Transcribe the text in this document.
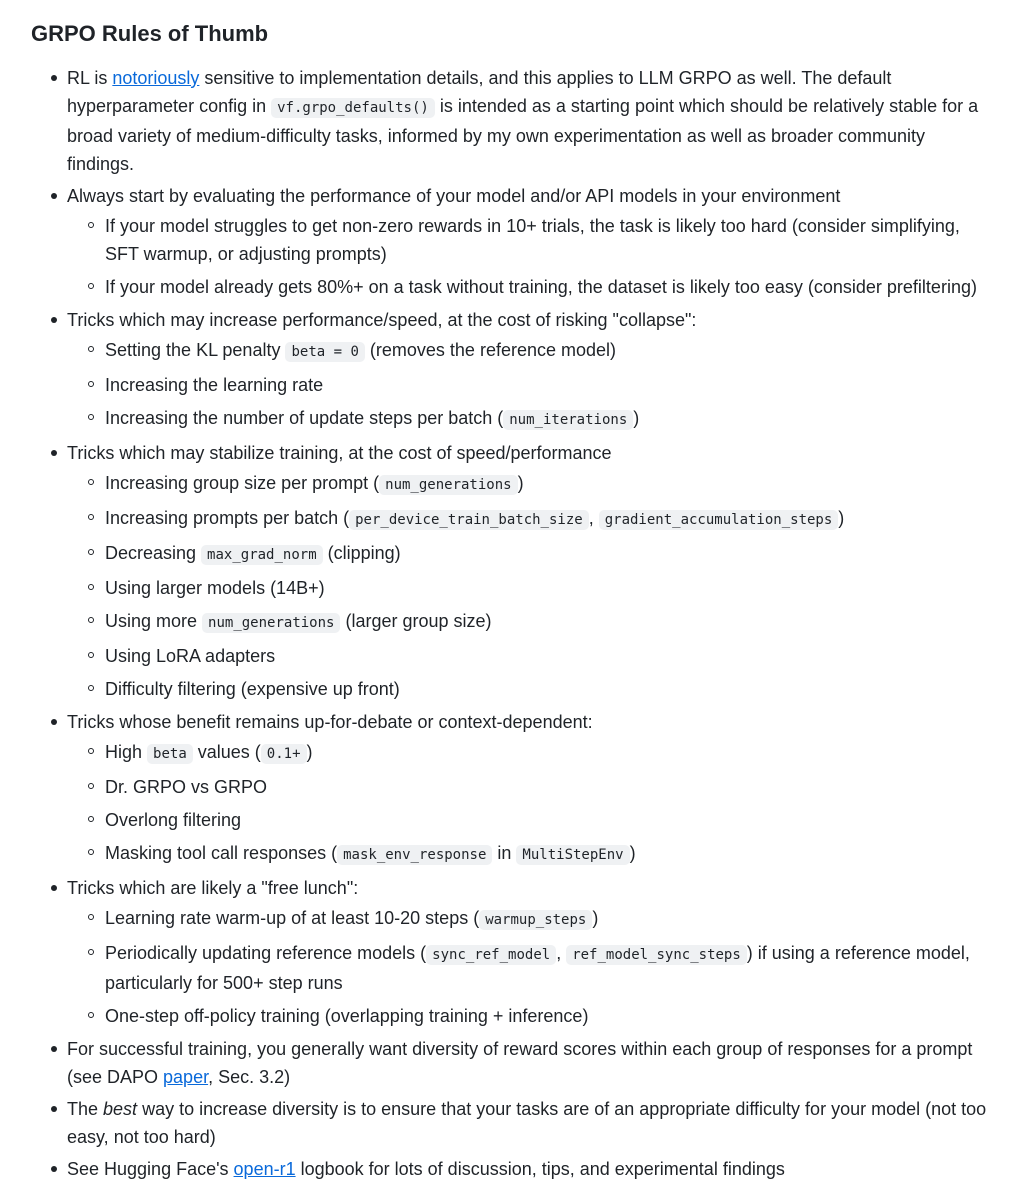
GRPO Rules of Thumb
RL is notoriously sensitive to implementation details, and this applies to LLM GRPO as well. The default hyperparameter config in vf.grpo_defaults() is intended as a starting point which should be relatively stable for a broad variety of medium-difficulty tasks, informed by my own experimentation as well as broader community findings.
Always start by evaluating the performance of your model and/or API models in your environment
If your model struggles to get non-zero rewards in 10+ trials, the task is likely too hard (consider simplifying, SFT warmup, or adjusting prompts)
If your model already gets 80%+ on a task without training, the dataset is likely too easy (consider prefiltering)
Tricks which may increase performance/speed, at the cost of risking "collapse":
Setting the KL penalty beta = 0 (removes the reference model)
Increasing the learning rate
Increasing the number of update steps per batch ( num_iterations )
Tricks which may stabilize training, at the cost of speed/performance
Increasing group size per prompt ( num_generations )
Increasing prompts per batch ( per_device_train_batch_size , gradient_accumulation_steps )
Decreasing max_grad_norm (clipping)
Using larger models (14B+)
Using more num_generations (larger group size)
Using LoRA adapters
Difficulty filtering (expensive up front)
Tricks whose benefit remains up-for-debate or context-dependent:
High beta values ( 0.1+ )
Dr. GRPO vs GRPO
Overlong filtering
Masking tool call responses ( mask_env_response in MultiStepEnv )
Tricks which are likely a "free lunch":
Learning rate warm-up of at least 10-20 steps ( warmup_steps )
Periodically updating reference models ( sync_ref_model , ref_model_sync_steps ) if using a reference model, particularly for 500+ step runs
One-step off-policy training (overlapping training + inference)
For successful training, you generally want diversity of reward scores within each group of responses for a prompt (see DAPO paper, Sec. 3.2)
The best way to increase diversity is to ensure that your tasks are of an appropriate difficulty for your model (not too easy, not too hard)
See Hugging Face's open-r1 logbook for lots of discussion, tips, and experimental findings
